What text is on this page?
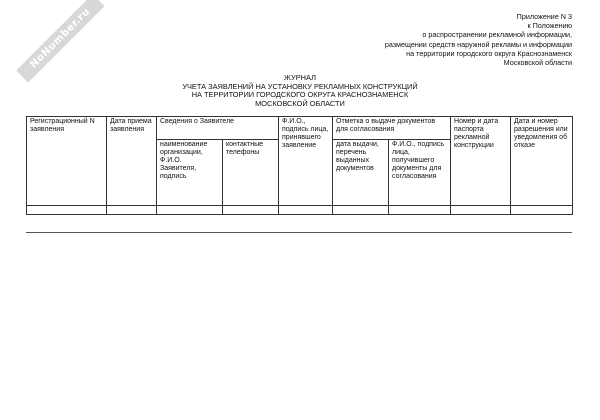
NoNumber.ru	Приложение N 3
к Положению
о распространении рекламной информации,
размещении средств наружной рекламы и информации
на территории городского округа Краснознаменск
Московской области
ЖУРНАЛ
УЧЕТА ЗАЯВЛЕНИЙ НА УСТАНОВКУ РЕКЛАМНЫХ КОНСТРУКЦИЙ
НА ТЕРРИТОРИИ ГОРОДСКОГО ОКРУГА КРАСНОЗНАМЕНСК
МОСКОВСКОЙ ОБЛАСТИ
Регистрационный N заявления	Дата приема заявления	Сведения о Заявителе		Ф.И.О., подпись лица, принявшего заявление	Отметка о выдаче документов для согласования		Номер и дата паспорта рекламной конструкции	Дата и номер разрешения или уведомления об отказе
		наименование организации, Ф.И.О. Заявителя, подпись	контактные телефоны		дата выдачи, перечень выданных документов	Ф.И.О., подпись лица, получившего документы для согласования		
